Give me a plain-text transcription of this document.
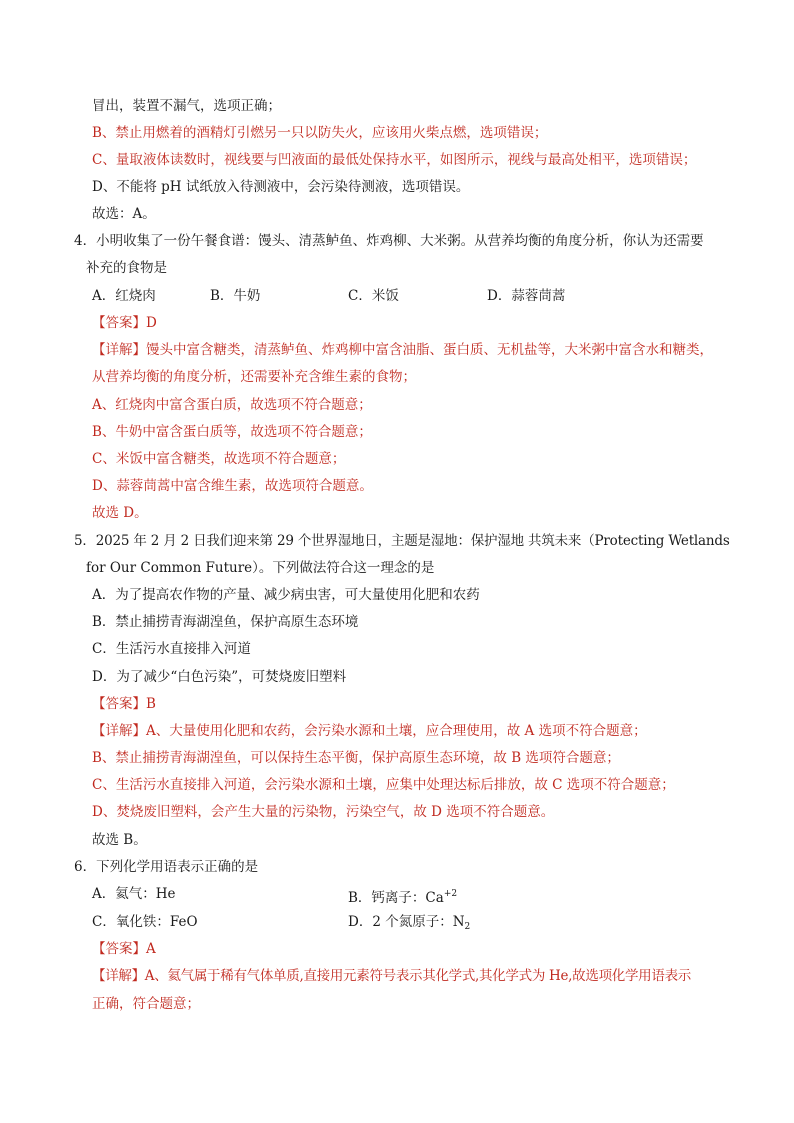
冒出，装置不漏气，选项正确；
B、禁止用燃着的酒精灯引燃另一只以防失火，应该用火柴点燃，选项错误；
C、量取液体读数时，视线要与凹液面的最低处保持水平，如图所示，视线与最高处相平，选项错误；
D、不能将 pH 试纸放入待测液中，会污染待测液，选项错误。
故选：A。
4．小明收集了一份午餐食谱：馒头、清蒸鲈鱼、炸鸡柳、大米粥。从营养均衡的角度分析，你认为还需要
补充的食物是
A．红烧肉	B．牛奶	C．米饭	D．蒜蓉茼蒿
【答案】D
【详解】馒头中富含糖类，清蒸鲈鱼、炸鸡柳中富含油脂、蛋白质、无机盐等，大米粥中富含水和糖类，
从营养均衡的角度分析，还需要补充含维生素的食物；
A、红烧肉中富含蛋白质，故选项不符合题意；
B、牛奶中富含蛋白质等，故选项不符合题意；
C、米饭中富含糖类，故选项不符合题意；
D、蒜蓉茼蒿中富含维生素，故选项符合题意。
故选 D。
5．2025 年 2 月 2 日我们迎来第 29 个世界湿地日，主题是湿地：保护湿地 共筑未来（Protecting Wetlands
for Our Common Future）。下列做法符合这一理念的是
A．为了提高农作物的产量、减少病虫害，可大量使用化肥和农药
B．禁止捕捞青海湖湟鱼，保护高原生态环境
C．生活污水直接排入河道
D．为了减少“白色污染”，可焚烧废旧塑料
【答案】B
【详解】A、大量使用化肥和农药，会污染水源和土壤，应合理使用，故 A 选项不符合题意；
B、禁止捕捞青海湖湟鱼，可以保持生态平衡，保护高原生态环境，故 B 选项符合题意；
C、生活污水直接排入河道，会污染水源和土壤，应集中处理达标后排放，故 C 选项不符合题意；
D、焚烧废旧塑料，会产生大量的污染物，污染空气，故 D 选项不符合题意。
故选 B。
6．下列化学用语表示正确的是
A．氦气：He	B．钙离子：$Ca^{+2}$
C．氧化铁：FeO	D．2 个氮原子：$N_2$
【答案】A
【详解】A、氦气属于稀有气体单质,直接用元素符号表示其化学式,其化学式为 He,故选项化学用语表示
正确，符合题意；
